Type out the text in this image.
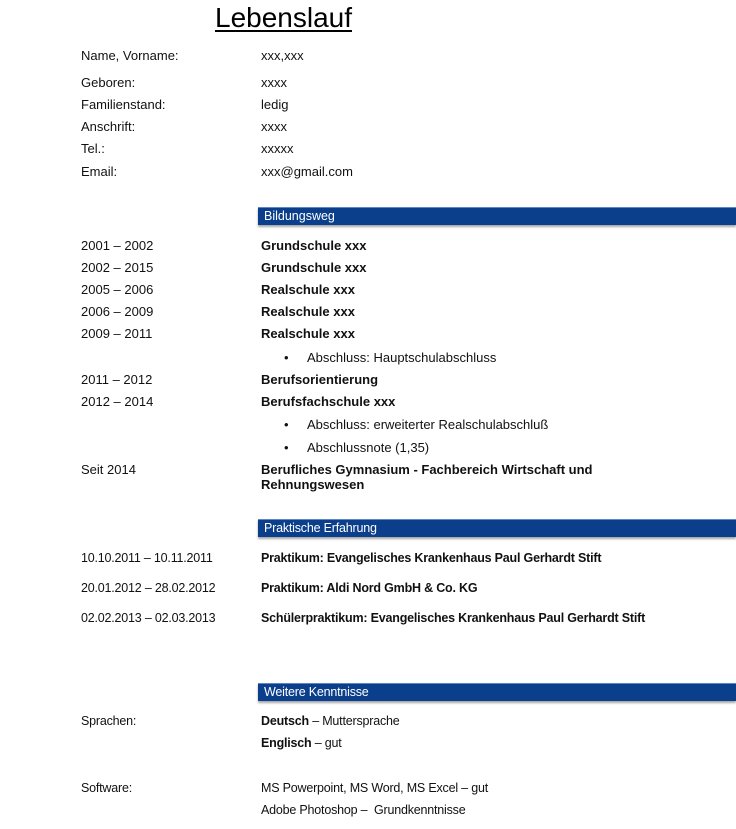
Lebenslauf
Name, Vorname:	xxx,xxx
Geboren:	xxxx
Familienstand:	ledig
Anschrift:	xxxx
Tel.:	xxxxx
Email:	xxx@gmail.com
Bildungsweg
2001 – 2002	Grundschule xxx
2002 – 2015	Grundschule xxx
2005 – 2006	Realschule xxx
2006 – 2009	Realschule xxx
2009 – 2011	Realschule xxx
• Abschluss: Hauptschulabschluss
2011 – 2012	Berufsorientierung
2012 – 2014	Berufsfachschule xxx
• Abschluss: erweiterter Realschulabschluß
• Abschlussnote (1,35)
Seit 2014	Berufliches Gymnasium - Fachbereich Wirtschaft und Rehnungswesen
Praktische Erfahrung
10.10.2011 – 10.11.2011	Praktikum: Evangelisches Krankenhaus Paul Gerhardt Stift
20.01.2012 – 28.02.2012	Praktikum: Aldi Nord GmbH & Co. KG
02.02.2013 – 02.03.2013	Schülerpraktikum: Evangelisches Krankenhaus Paul Gerhardt Stift
Weitere Kenntnisse
Sprachen:	Deutsch – Muttersprache
Englisch – gut
Software:	MS Powerpoint, MS Word, MS Excel – gut
Adobe Photoshop –  Grundkenntnisse
